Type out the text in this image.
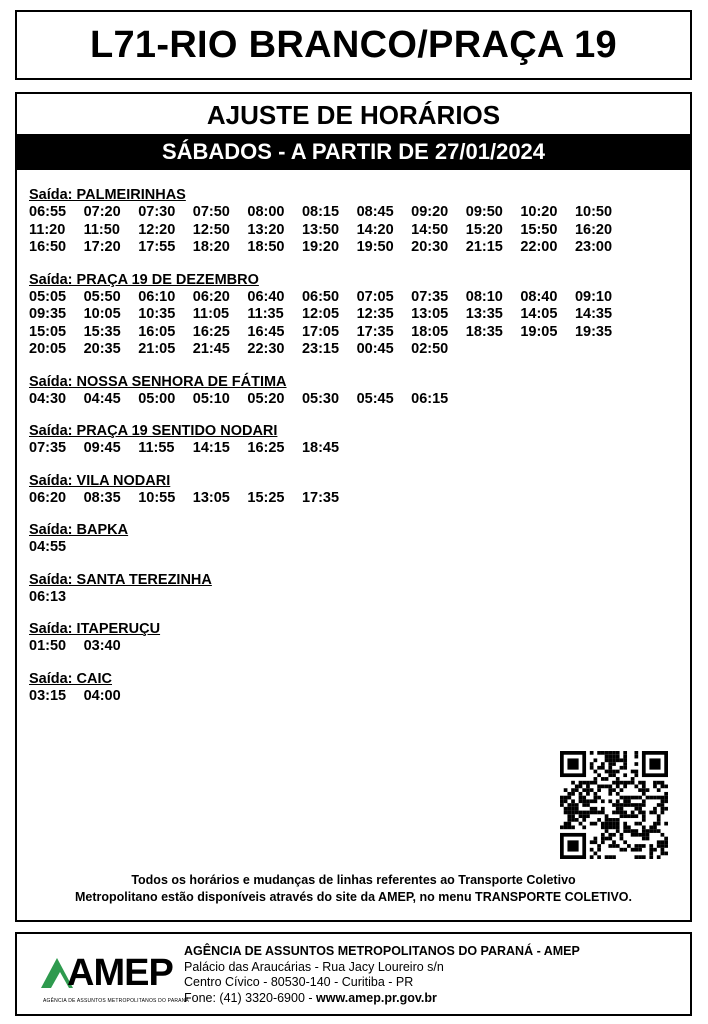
L71-RIO BRANCO/PRAÇA 19
AJUSTE DE HORÁRIOS
SÁBADOS - A PARTIR DE 27/01/2024
Saída: PALMEIRINHAS
06:55	07:20	07:30	07:50	08:00	08:15	08:45	09:20	09:50	10:20	10:50
11:20	11:50	12:20	12:50	13:20	13:50	14:20	14:50	15:20	15:50	16:20
16:50	17:20	17:55	18:20	18:50	19:20	19:50	20:30	21:15	22:00	23:00
Saída: PRAÇA 19 DE DEZEMBRO
05:05	05:50	06:10	06:20	06:40	06:50	07:05	07:35	08:10	08:40	09:10
09:35	10:05	10:35	11:05	11:35	12:05	12:35	13:05	13:35	14:05	14:35
15:05	15:35	16:05	16:25	16:45	17:05	17:35	18:05	18:35	19:05	19:35
20:05	20:35	21:05	21:45	22:30	23:15	00:45	02:50
Saída: NOSSA SENHORA DE FÁTIMA
04:30	04:45	05:00	05:10	05:20	05:30	05:45	06:15
Saída: PRAÇA 19 SENTIDO NODARI
07:35	09:45	11:55	14:15	16:25	18:45
Saída: VILA NODARI
06:20	08:35	10:55	13:05	15:25	17:35
Saída: BAPKA
04:55
Saída: SANTA TEREZINHA
06:13
Saída: ITAPERUÇU
01:50	03:40
Saída: CAIC
03:15	04:00
Todos os horários e mudanças de linhas referentes ao Transporte Coletivo
Metropolitano estão disponíveis através do site da AMEP, no menu TRANSPORTE COLETIVO.
AMEP
AGÊNCIA DE ASSUNTOS METROPOLITANOS DO PARANÁ
AGÊNCIA DE ASSUNTOS METROPOLITANOS DO PARANÁ - AMEP
Palácio das Araucárias - Rua Jacy Loureiro s/n
Centro Cívico - 80530-140 - Curitiba - PR
Fone: (41) 3320-6900 - www.amep.pr.gov.br
